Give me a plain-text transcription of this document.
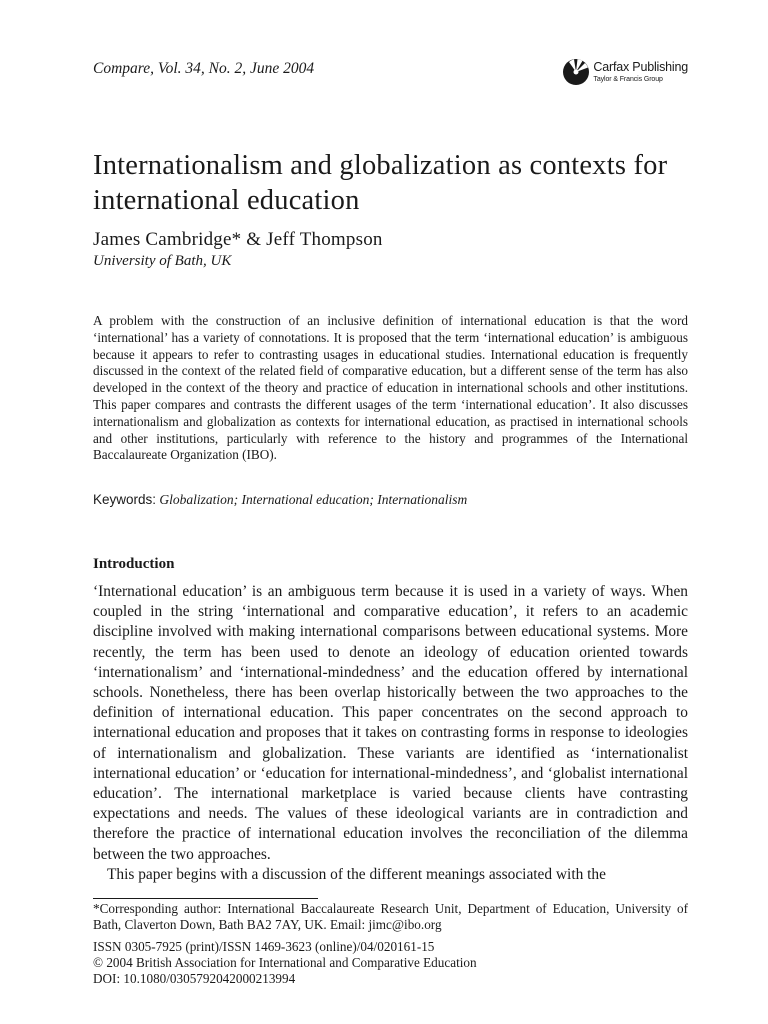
Compare, Vol. 34, No. 2, June 2004	Carfax Publishing
Taylor & Francis Group
Internationalism and globalization as contexts for international education
James Cambridge* & Jeff Thompson
University of Bath, UK

A problem with the construction of an inclusive definition of international education is that the word ‘international’ has a variety of connotations. It is proposed that the term ‘international education’ is ambiguous because it appears to refer to contrasting usages in educational studies. International education is frequently discussed in the context of the related field of comparative education, but a different sense of the term has also developed in the context of the theory and practice of education in international schools and other institutions. This paper compares and contrasts the different usages of the term ‘international education’. It also discusses internationalism and globalization as contexts for international education, as practised in international schools and other institutions, particularly with reference to the history and programmes of the International Baccalaureate Organization (IBO).

Keywords: Globalization; International education; Internationalism
Introduction

‘International education’ is an ambiguous term because it is used in a variety of ways. When coupled in the string ‘international and comparative education’, it refers to an academic discipline involved with making international comparisons between educational systems. More recently, the term has been used to denote an ideology of education oriented towards ‘internationalism’ and ‘international-mindedness’ and the education offered by international schools. Nonetheless, there has been overlap historically between the two approaches to the definition of international education. This paper concentrates on the second approach to international education and proposes that it takes on contrasting forms in response to ideologies of internationalism and globalization. These variants are identified as ‘internationalist international education’ or ‘education for international-mindedness’, and ‘globalist international education’. The international marketplace is varied because clients have contrasting expectations and needs. The values of these ideological variants are in contradiction and therefore the practice of international education involves the reconciliation of the dilemma between the two approaches.

This paper begins with a discussion of the different meanings associated with the

*Corresponding author: International Baccalaureate Research Unit, Department of Education, University of Bath, Claverton Down, Bath BA2 7AY, UK. Email: jimc@ibo.org

ISSN 0305-7925 (print)/ISSN 1469-3623 (online)/04/020161-15
© 2004 British Association for International and Comparative Education
DOI: 10.1080/0305792042000213994
